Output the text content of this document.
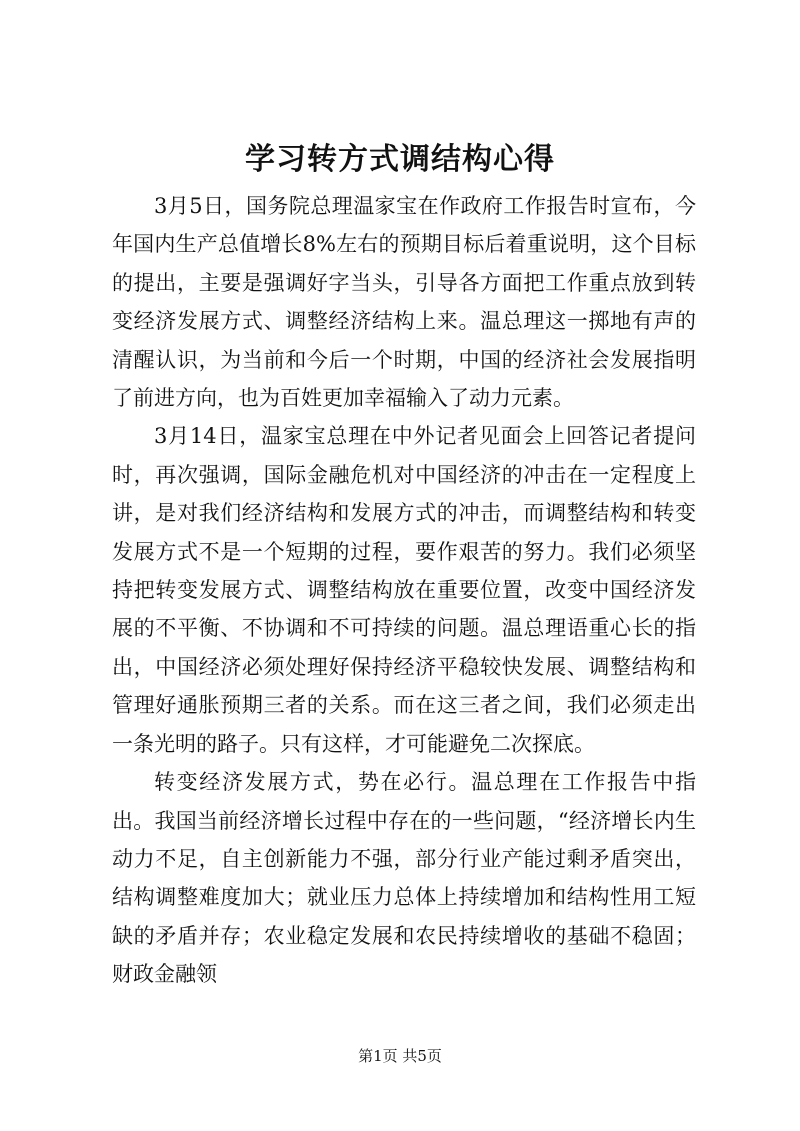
学习转方式调结构心得

3月5日，国务院总理温家宝在作政府工作报告时宣布，今年国内生产总值增长8%左右的预期目标后着重说明，这个目标的提出，主要是强调好字当头，引导各方面把工作重点放到转变经济发展方式、调整经济结构上来。温总理这一掷地有声的清醒认识，为当前和今后一个时期，中国的经济社会发展指明了前进方向，也为百姓更加幸福输入了动力元素。

3月14日，温家宝总理在中外记者见面会上回答记者提问时，再次强调，国际金融危机对中国经济的冲击在一定程度上讲，是对我们经济结构和发展方式的冲击，而调整结构和转变发展方式不是一个短期的过程，要作艰苦的努力。我们必须坚持把转变发展方式、调整结构放在重要位置，改变中国经济发展的不平衡、不协调和不可持续的问题。温总理语重心长的指出，中国经济必须处理好保持经济平稳较快发展、调整结构和管理好通胀预期三者的关系。而在这三者之间，我们必须走出一条光明的路子。只有这样，才可能避免二次探底。

转变经济发展方式，势在必行。温总理在工作报告中指出。我国当前经济增长过程中存在的一些问题，“经济增长内生动力不足，自主创新能力不强，部分行业产能过剩矛盾突出，结构调整难度加大；就业压力总体上持续增加和结构性用工短缺的矛盾并存；农业稳定发展和农民持续增收的基础不稳固；财政金融领

第1页 共5页
